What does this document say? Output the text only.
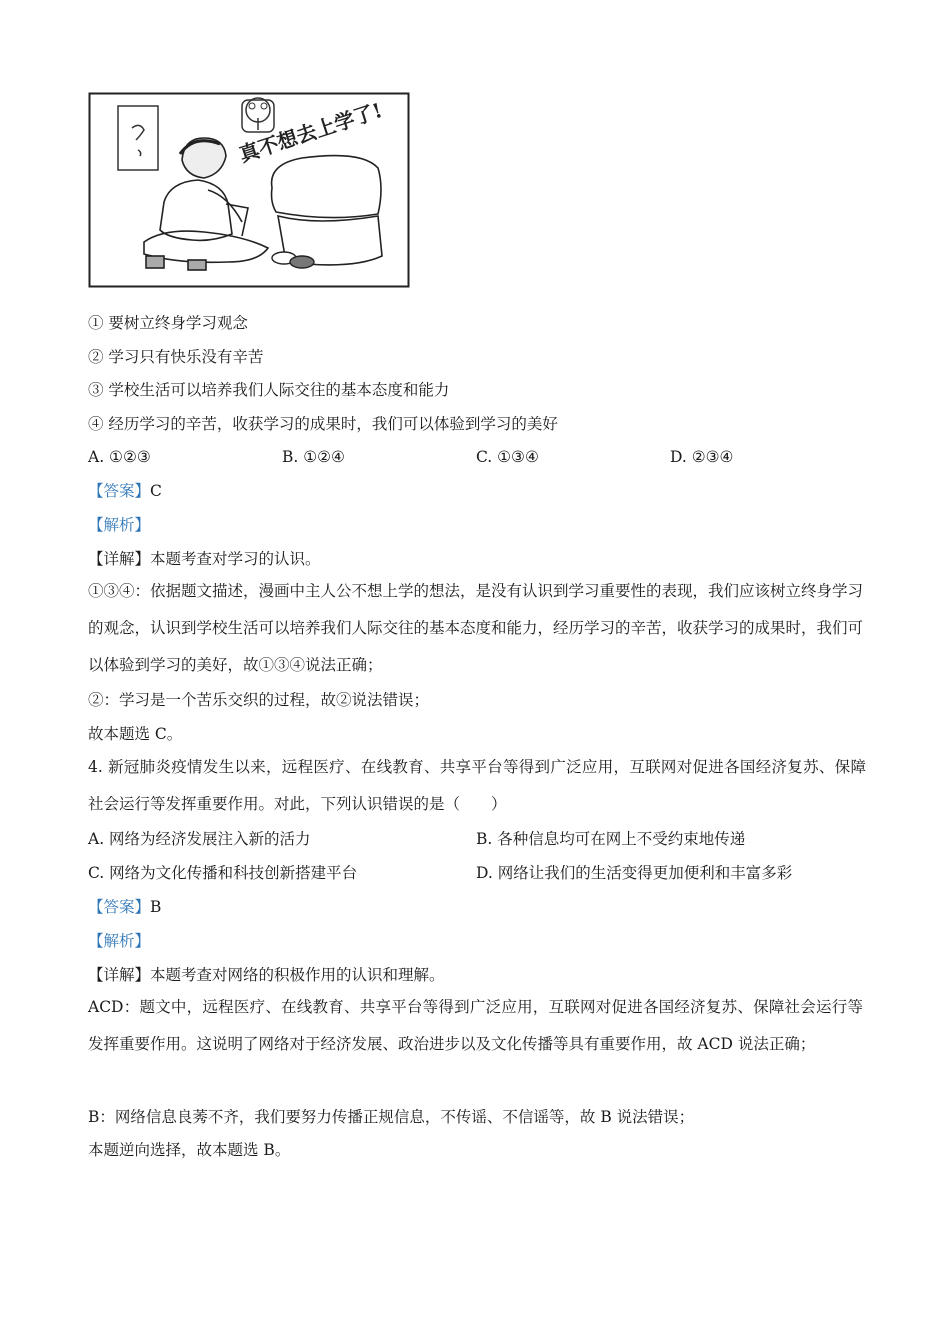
真不想去上学了!
① 要树立终身学习观念
② 学习只有快乐没有辛苦
③ 学校生活可以培养我们人际交往的基本态度和能力
④ 经历学习的辛苦，收获学习的成果时，我们可以体验到学习的美好
A. ①②③	B. ①②④	C. ①③④	D. ②③④
【答案】C
【解析】
【详解】本题考查对学习的认识。
①③④：依据题文描述，漫画中主人公不想上学的想法，是没有认识到学习重要性的表现，我们应该树立终身学习的观念，认识到学校生活可以培养我们人际交往的基本态度和能力，经历学习的辛苦，收获学习的成果时，我们可以体验到学习的美好，故①③④说法正确；
②：学习是一个苦乐交织的过程，故②说法错误；
故本题选 C。
4. 新冠肺炎疫情发生以来，远程医疗、在线教育、共享平台等得到广泛应用，互联网对促进各国经济复苏、保障社会运行等发挥重要作用。对此，下列认识错误的是（　　）
A. 网络为经济发展注入新的活力	B. 各种信息均可在网上不受约束地传递
C. 网络为文化传播和科技创新搭建平台	D. 网络让我们的生活变得更加便利和丰富多彩
【答案】B
【解析】
【详解】本题考查对网络的积极作用的认识和理解。
ACD：题文中，远程医疗、在线教育、共享平台等得到广泛应用，互联网对促进各国经济复苏、保障社会运行等发挥重要作用。这说明了网络对于经济发展、政治进步以及文化传播等具有重要作用，故 ACD 说法正确；
B：网络信息良莠不齐，我们要努力传播正规信息，不传谣、不信谣等，故 B 说法错误；
本题逆向选择，故本题选 B。
